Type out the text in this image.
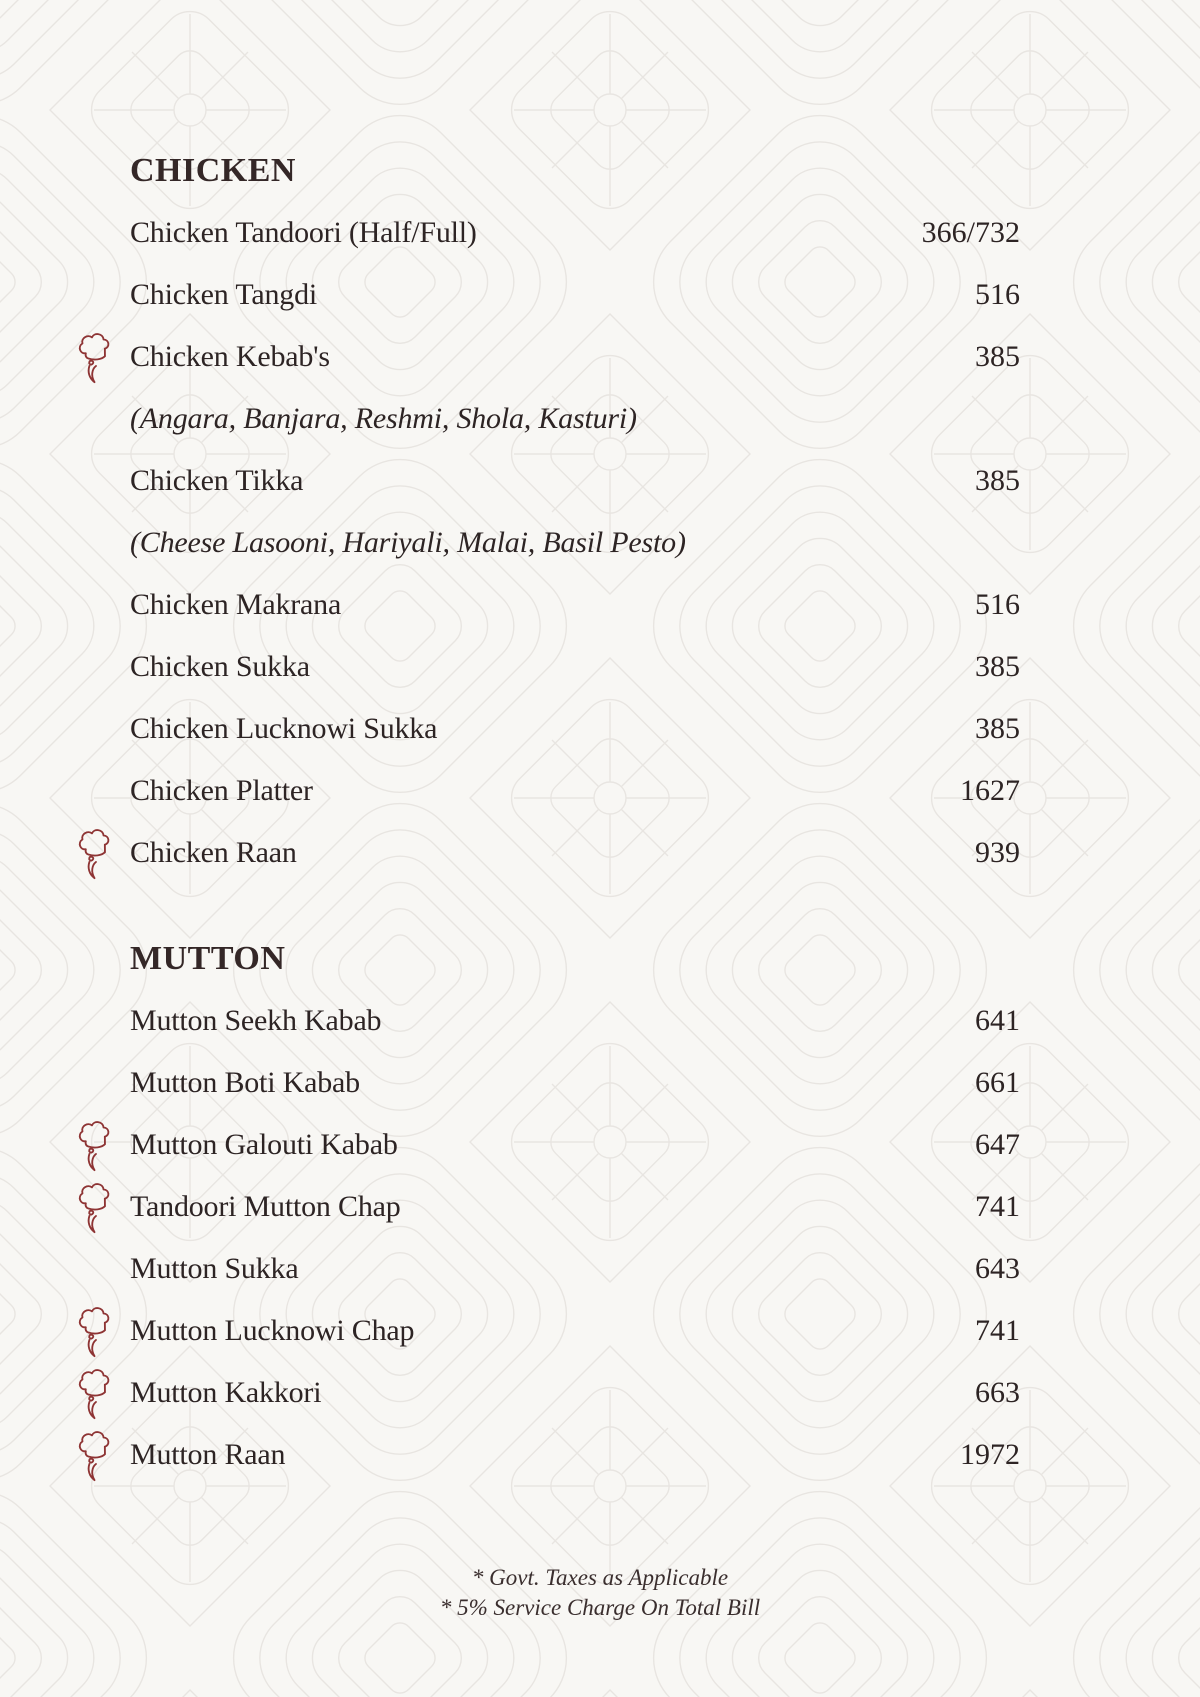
CHICKEN
Chicken Tandoori (Half/Full)	366/732
Chicken Tangdi	516
Chicken Kebab's	385
(Angara, Banjara, Reshmi, Shola, Kasturi)
Chicken Tikka	385
(Cheese Lasooni, Hariyali, Malai, Basil Pesto)
Chicken Makrana	516
Chicken Sukka	385
Chicken Lucknowi Sukka	385
Chicken Platter	1627
Chicken Raan	939
MUTTON
Mutton Seekh Kabab	641
Mutton Boti Kabab	661
Mutton Galouti Kabab	647
Tandoori Mutton Chap	741
Mutton Sukka	643
Mutton Lucknowi Chap	741
Mutton Kakkori	663
Mutton Raan	1972

* Govt. Taxes as Applicable

* 5% Service Charge On Total Bill
